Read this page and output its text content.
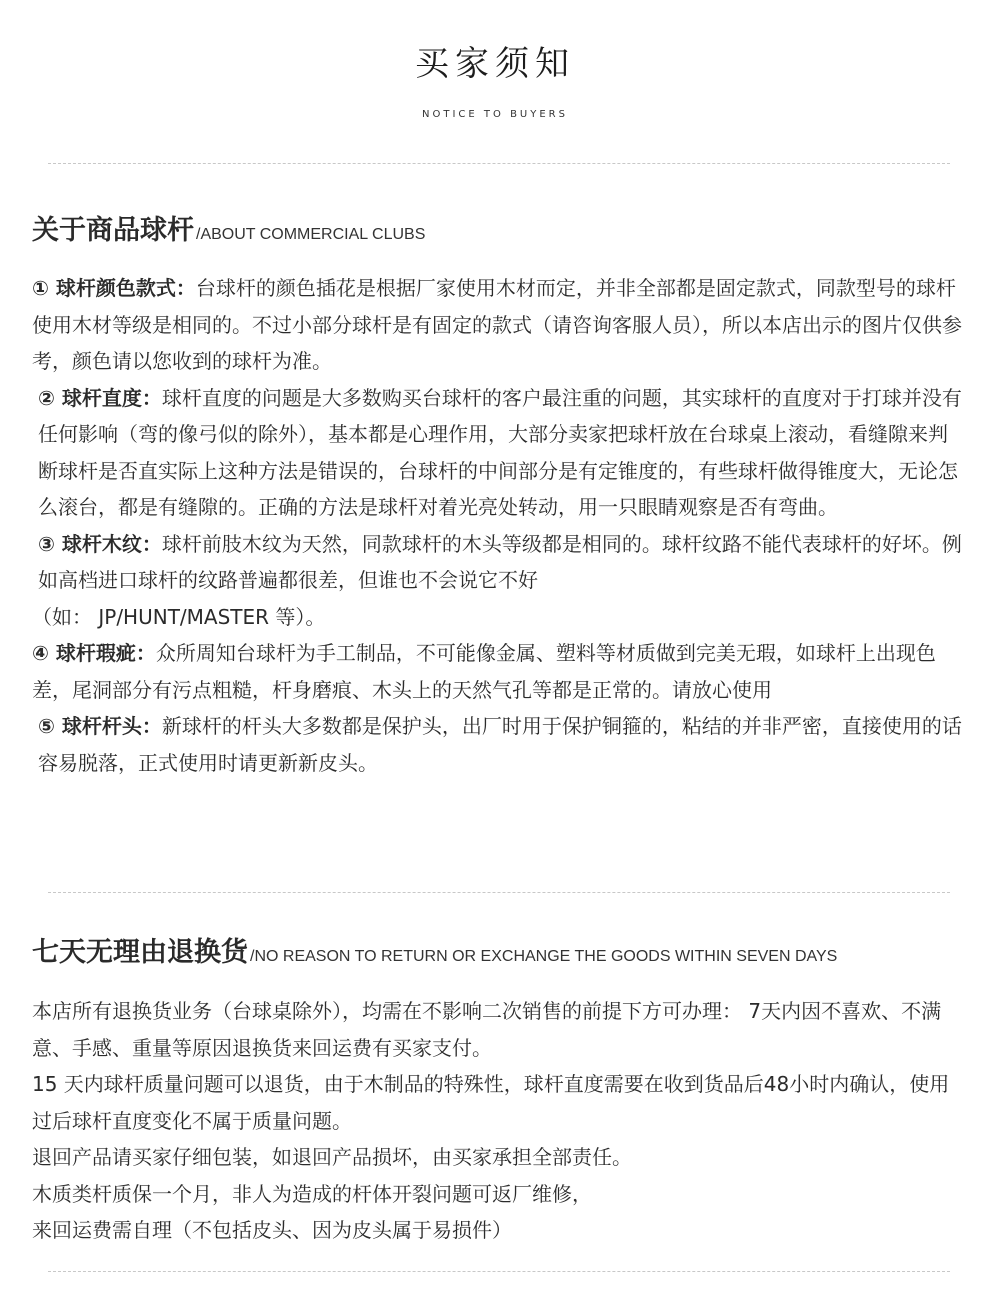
买家须知
NOTICE TO BUYERS
关于商品球杆 /ABOUT COMMERCIAL CLUBS

① 球杆颜色款式：台球杆的颜色插花是根据厂家使用木材而定，并非全部都是固定款式，同款型号的球杆使用木材等级是相同的。不过小部分球杆是有固定的款式（请咨询客服人员），所以本店出示的图片仅供参考，颜色请以您收到的球杆为准。

② 球杆直度：球杆直度的问题是大多数购买台球杆的客户最注重的问题，其实球杆的直度对于打球并没有任何影响（弯的像弓似的除外），基本都是心理作用，大部分卖家把球杆放在台球桌上滚动，看缝隙来判断球杆是否直实际上这种方法是错误的，台球杆的中间部分是有定锥度的，有些球杆做得锥度大，无论怎么滚台，都是有缝隙的。正确的方法是球杆对着光亮处转动，用一只眼睛观察是否有弯曲。

③ 球杆木纹：球杆前肢木纹为天然，同款球杆的木头等级都是相同的。球杆纹路不能代表球杆的好坏。例如高档进口球杆的纹路普遍都很差，但谁也不会说它不好

（如： JP/HUNT/MASTER 等）。

④ 球杆瑕疵：众所周知台球杆为手工制品，不可能像金属、塑料等材质做到完美无瑕，如球杆上出现色差，尾洞部分有污点粗糙，杆身磨痕、木头上的天然气孔等都是正常的。请放心使用

⑤ 球杆杆头：新球杆的杆头大多数都是保护头，出厂时用于保护铜箍的，粘结的并非严密，直接使用的话容易脱落，正式使用时请更新新皮头。

七天无理由退换货 /NO REASON TO RETURN OR EXCHANGE THE GOODS WITHIN SEVEN DAYS

本店所有退换货业务（台球桌除外），均需在不影响二次销售的前提下方可办理： 7天内因不喜欢、不满意、手感、重量等原因退换货来回运费有买家支付。

15 天内球杆质量问题可以退货，由于木制品的特殊性，球杆直度需要在收到货品后48小时内确认，使用过后球杆直度变化不属于质量问题。

退回产品请买家仔细包装，如退回产品损坏，由买家承担全部责任。

木质类杆质保一个月，非人为造成的杆体开裂问题可返厂维修，

来回运费需自理（不包括皮头、因为皮头属于易损件）
